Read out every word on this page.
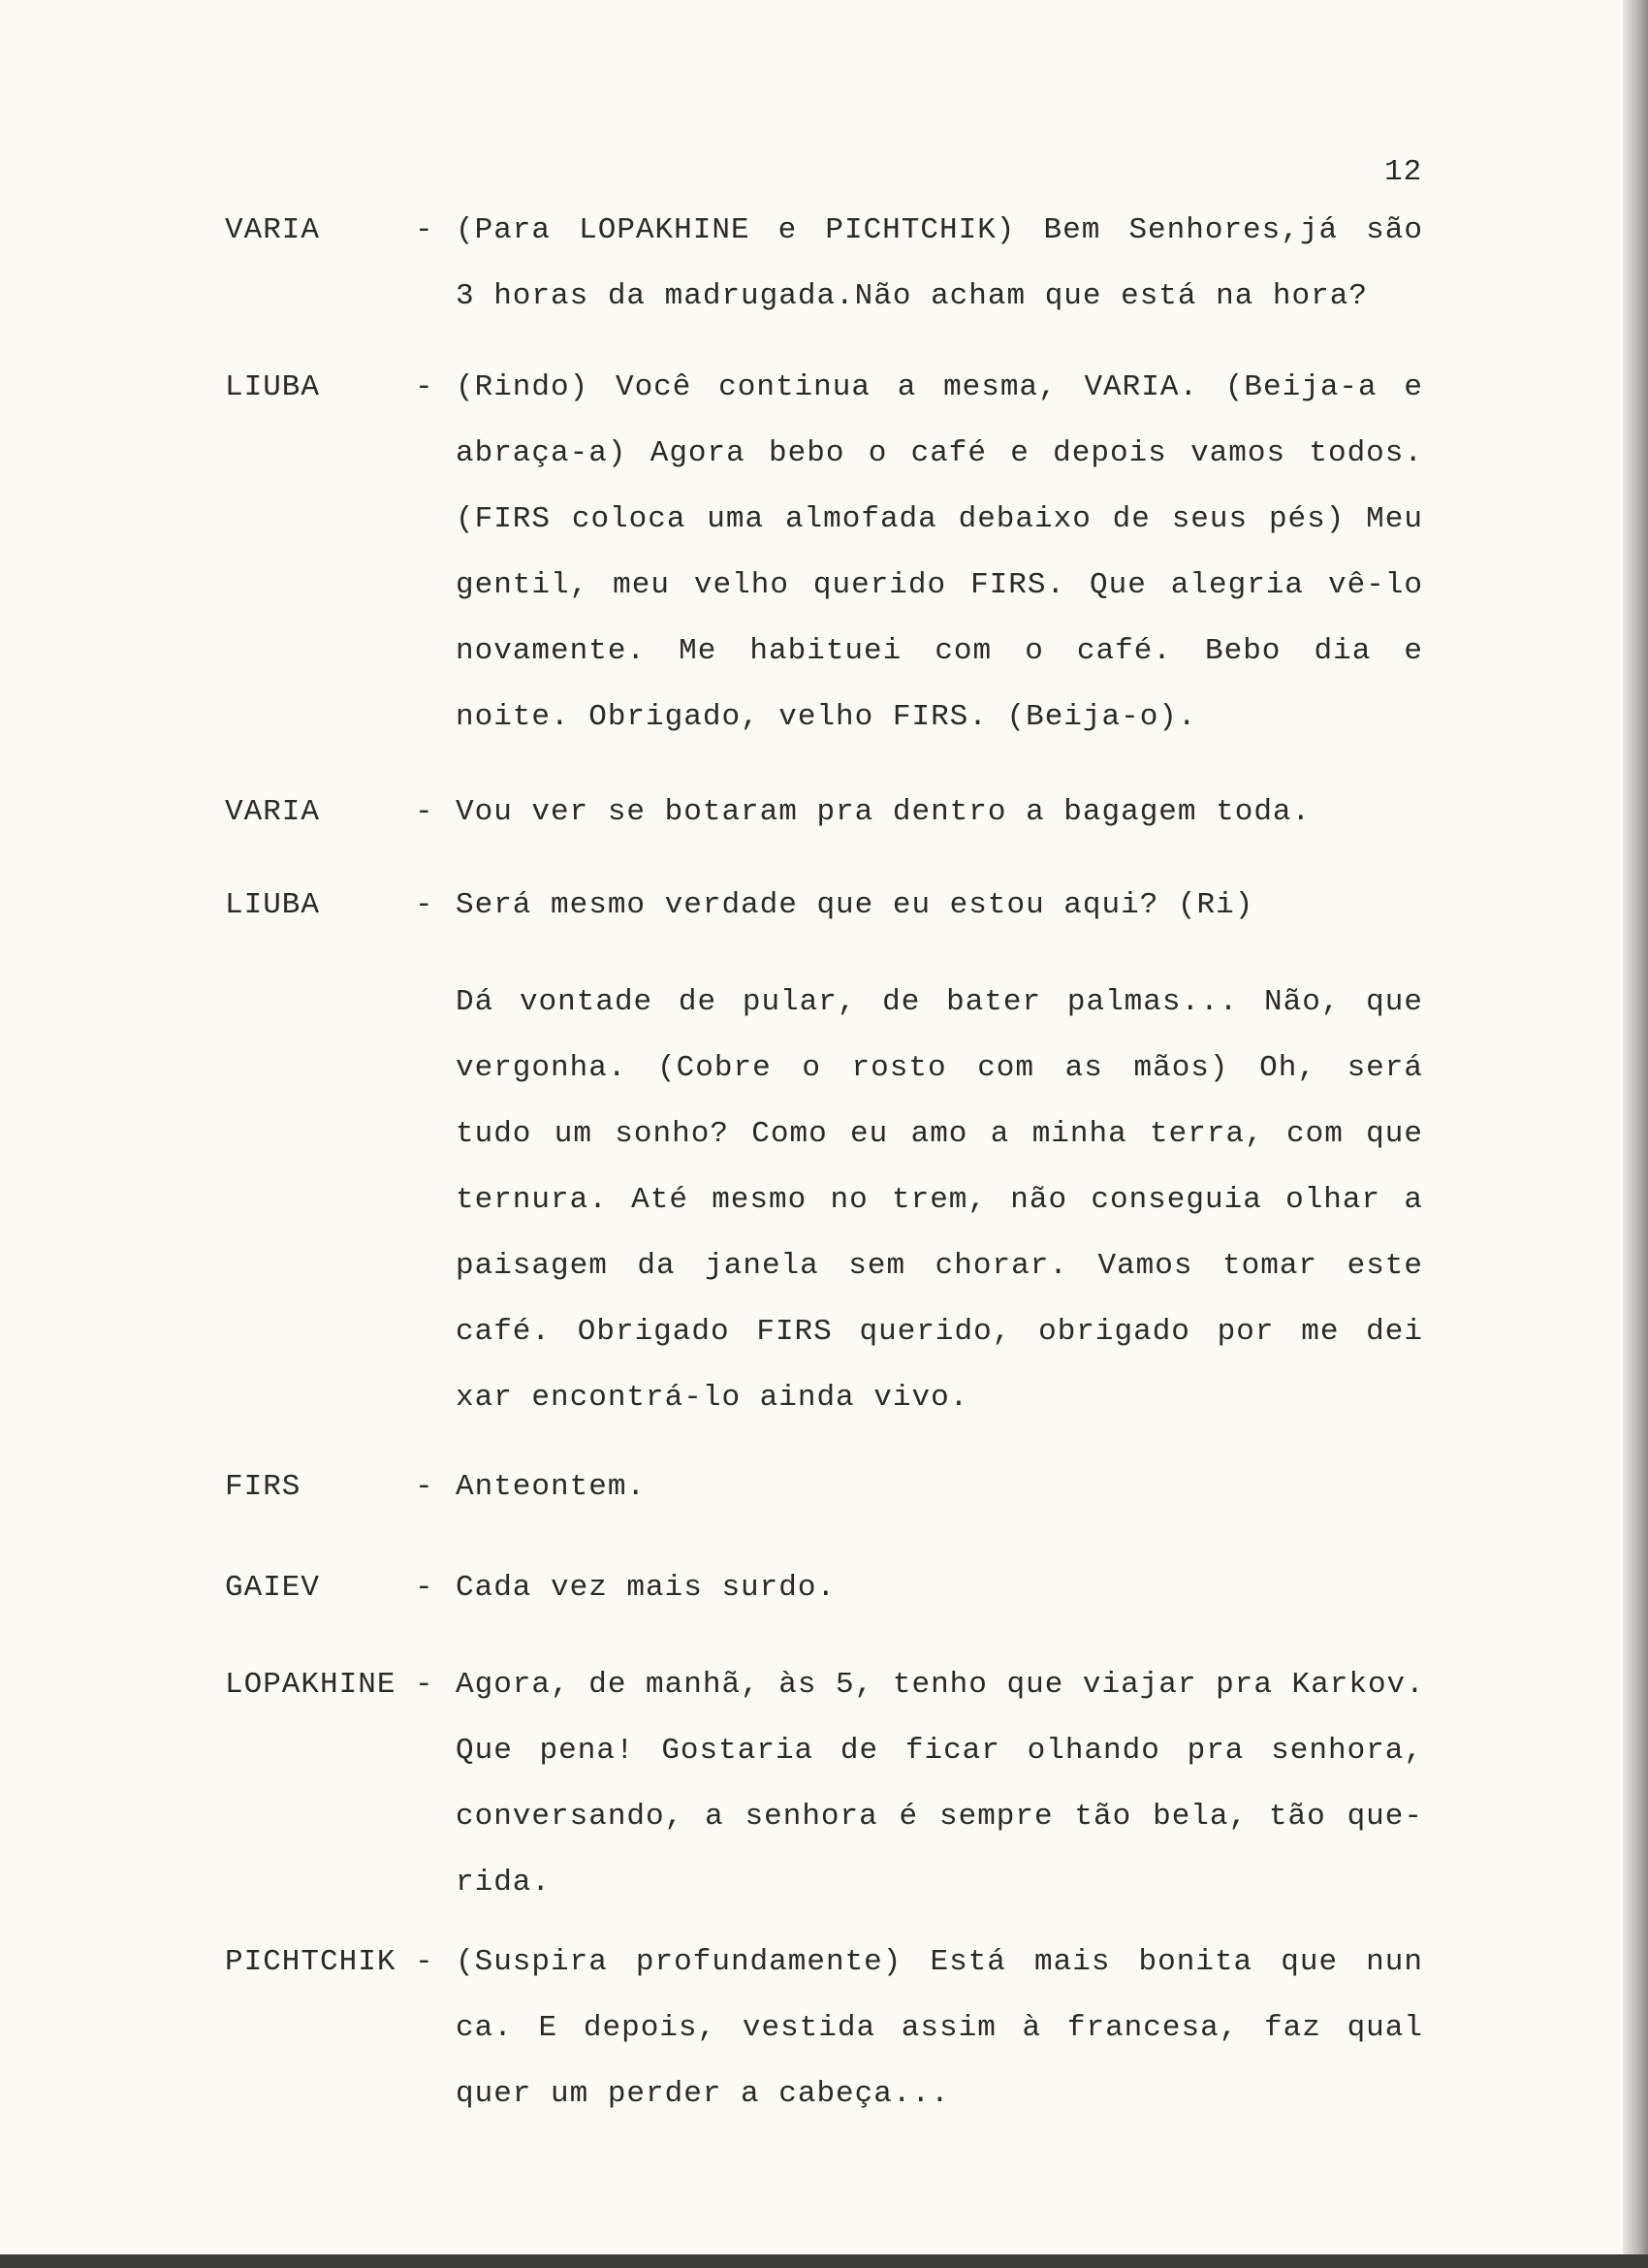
12
VARIA	- (Para LOPAKHINE e PICHTCHIK) Bem Senhores,já são
3 horas da madrugada.Não acham que está na hora?
LIUBA	- (Rindo) Você continua a mesma, VARIA. (Beija-a e
abraça-a) Agora bebo o café e depois vamos todos.
(FIRS coloca uma almofada debaixo de seus pés) Meu
gentil, meu velho querido FIRS. Que alegria vê-lo
novamente. Me habituei com o café. Bebo dia e
noite. Obrigado, velho FIRS. (Beija-o).
VARIA	- Vou ver se botaram pra dentro a bagagem toda.
LIUBA	- Será mesmo verdade que eu estou aqui? (Ri)
Dá vontade de pular, de bater palmas... Não, que
vergonha. (Cobre o rosto com as mãos) Oh, será
tudo um sonho? Como eu amo a minha terra, com que
ternura. Até mesmo no trem, não conseguia olhar a
paisagem da janela sem chorar. Vamos tomar este
café. Obrigado FIRS querido, obrigado por me dei
xar encontrá-lo ainda vivo.
FIRS	- Anteontem.
GAIEV	- Cada vez mais surdo.
LOPAKHINE - Agora, de manhã, às 5, tenho que viajar pra Karkov.
Que pena! Gostaria de ficar olhando pra senhora,
conversando, a senhora é sempre tão bela, tão que-
rida.
PICHTCHIK - (Suspira profundamente) Está mais bonita que nun
ca. E depois, vestida assim à francesa, faz qual
quer um perder a cabeça...
